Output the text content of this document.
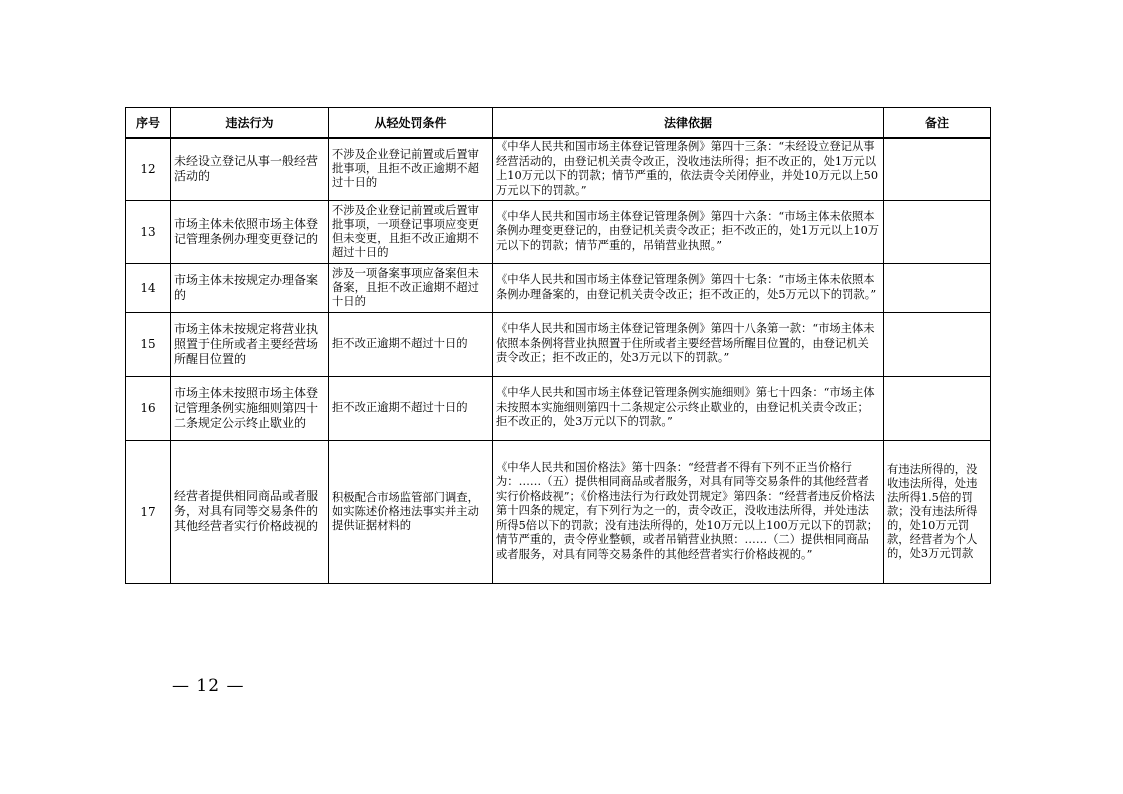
序号	违法行为	从轻处罚条件	法律依据	备注
12	未经设立登记从事一般经营活动的	不涉及企业登记前置或后置审批事项，且拒不改正逾期不超过十日的	《中华人民共和国市场主体登记管理条例》第四十三条：“未经设立登记从事经营活动的，由登记机关责令改正，没收违法所得；拒不改正的，处1万元以上10万元以下的罚款；情节严重的，依法责令关闭停业，并处10万元以上50万元以下的罚款。”	
13	市场主体未依照市场主体登记管理条例办理变更登记的	不涉及企业登记前置或后置审批事项，一项登记事项应变更但未变更，且拒不改正逾期不超过十日的	《中华人民共和国市场主体登记管理条例》第四十六条：“市场主体未依照本条例办理变更登记的，由登记机关责令改正；拒不改正的，处1万元以上10万元以下的罚款；情节严重的，吊销营业执照。”	
14	市场主体未按规定办理备案的	涉及一项备案事项应备案但未备案，且拒不改正逾期不超过十日的	《中华人民共和国市场主体登记管理条例》第四十七条：“市场主体未依照本条例办理备案的，由登记机关责令改正；拒不改正的，处5万元以下的罚款。”	
15	市场主体未按规定将营业执照置于住所或者主要经营场所醒目位置的	拒不改正逾期不超过十日的	《中华人民共和国市场主体登记管理条例》第四十八条第一款：“市场主体未依照本条例将营业执照置于住所或者主要经营场所醒目位置的，由登记机关责令改正；拒不改正的，处3万元以下的罚款。”	
16	市场主体未按照市场主体登记管理条例实施细则第四十二条规定公示终止歇业的	拒不改正逾期不超过十日的	《中华人民共和国市场主体登记管理条例实施细则》第七十四条：“市场主体未按照本实施细则第四十二条规定公示终止歇业的，由登记机关责令改正；拒不改正的，处3万元以下的罚款。”	
17	经营者提供相同商品或者服务，对具有同等交易条件的其他经营者实行价格歧视的	积极配合市场监管部门调查，如实陈述价格违法事实并主动提供证据材料的	《中华人民共和国价格法》第十四条：“经营者不得有下列不正当价格行为：……（五）提供相同商品或者服务，对具有同等交易条件的其他经营者实行价格歧视”；《价格违法行为行政处罚规定》第四条：“经营者违反价格法第十四条的规定，有下列行为之一的，责令改正，没收违法所得，并处违法所得5倍以下的罚款；没有违法所得的，处10万元以上100万元以下的罚款；情节严重的，责令停业整顿，或者吊销营业执照：……（二）提供相同商品或者服务，对具有同等交易条件的其他经营者实行价格歧视的。”	有违法所得的，没收违法所得，处违法所得1.5倍的罚款；没有违法所得的，处10万元罚款，经营者为个人的，处3万元罚款
— 12 —
